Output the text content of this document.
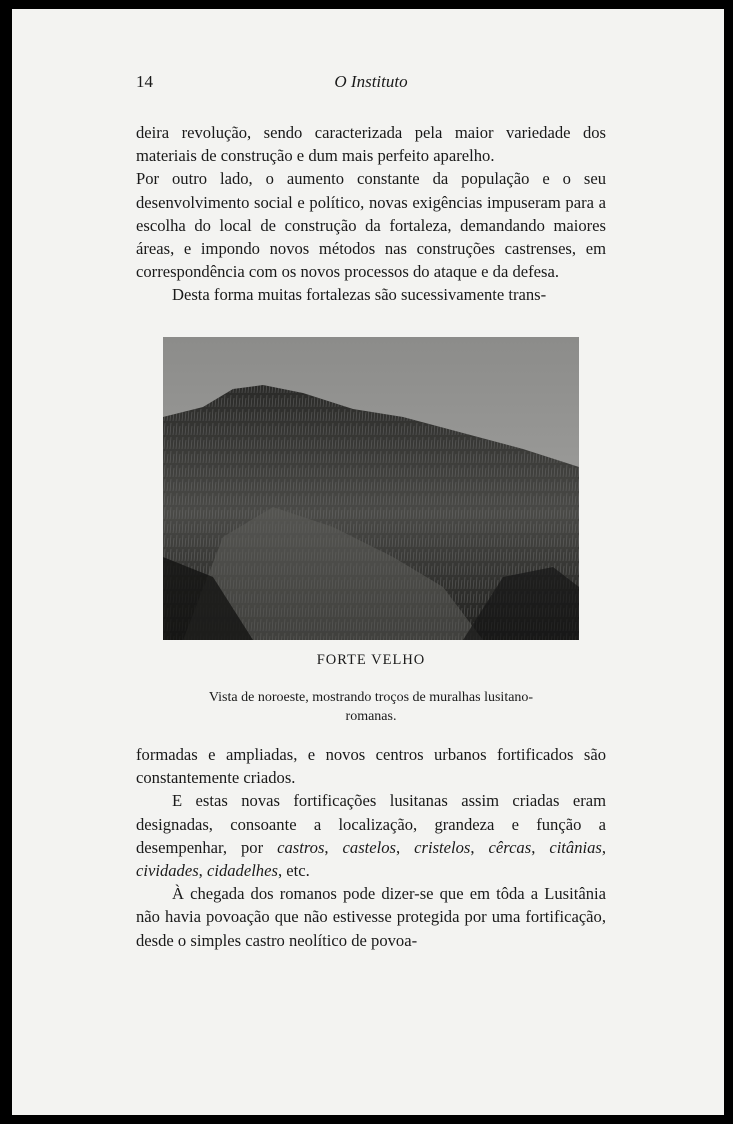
14	O Instituto

deira revolução, sendo caracterizada pela maior variedade dos materiais de construção e dum mais perfeito aparelho.

Por outro lado, o aumento constante da população e o seu desenvolvimento social e político, novas exigências impuseram para a escolha do local de construção da fortaleza, demandando maiores áreas, e impondo novos métodos nas construções castrenses, em correspondência com os novos processos do ataque e da defesa.

Desta forma muitas fortalezas são sucessivamente trans-

FORTE VELHO
Vista de noroeste, mostrando troços de muralhas lusitano-romanas.

formadas e ampliadas, e novos centros urbanos fortificados são constantemente criados.

E estas novas fortificações lusitanas assim criadas eram designadas, consoante a localização, grandeza e função a desempenhar, por castros, castelos, cristelos, cêrcas, citânias, cividades, cidadelhes, etc.

À chegada dos romanos pode dizer-se que em tôda a Lusitânia não havia povoação que não estivesse protegida por uma fortificação, desde o simples castro neolítico de povoa-
